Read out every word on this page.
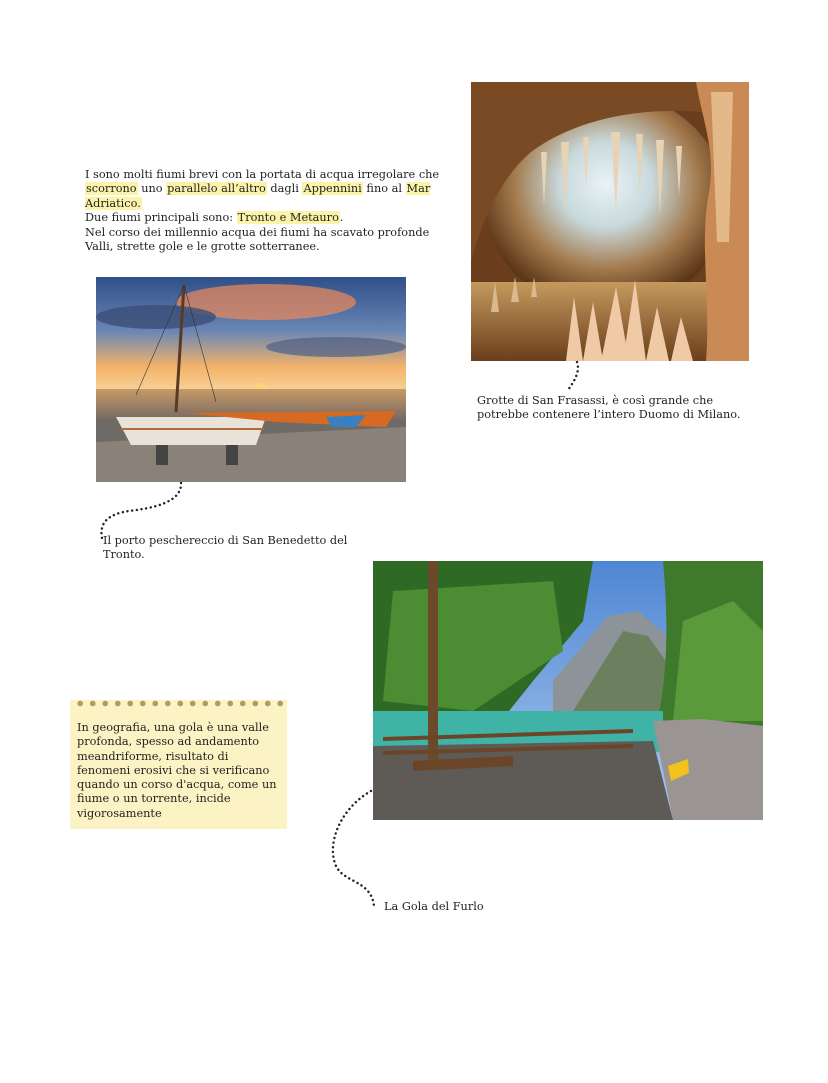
I sono molti fiumi brevi con la portata di acqua irregolare che scorrono uno parallelo all’altro dagli Appennini fino al Mar Adriatico.

Due fiumi principali sono: Tronto e Metauro.

Nel corso dei millennio acqua dei fiumi ha scavato profonde Valli, strette gole e le grotte sotterranee.

Grotte di San Frasassi, è così grande che potrebbe contenere l’intero Duomo di Milano.
Il porto peschereccio di San Benedetto del Tronto.
In geografia, una gola è una valle profonda, spesso ad andamento meandriforme, risultato di fenomeni erosivi che si verificano quando un corso d'acqua, come un fiume o un torrente, incide vigorosamente
La Gola del Furlo
